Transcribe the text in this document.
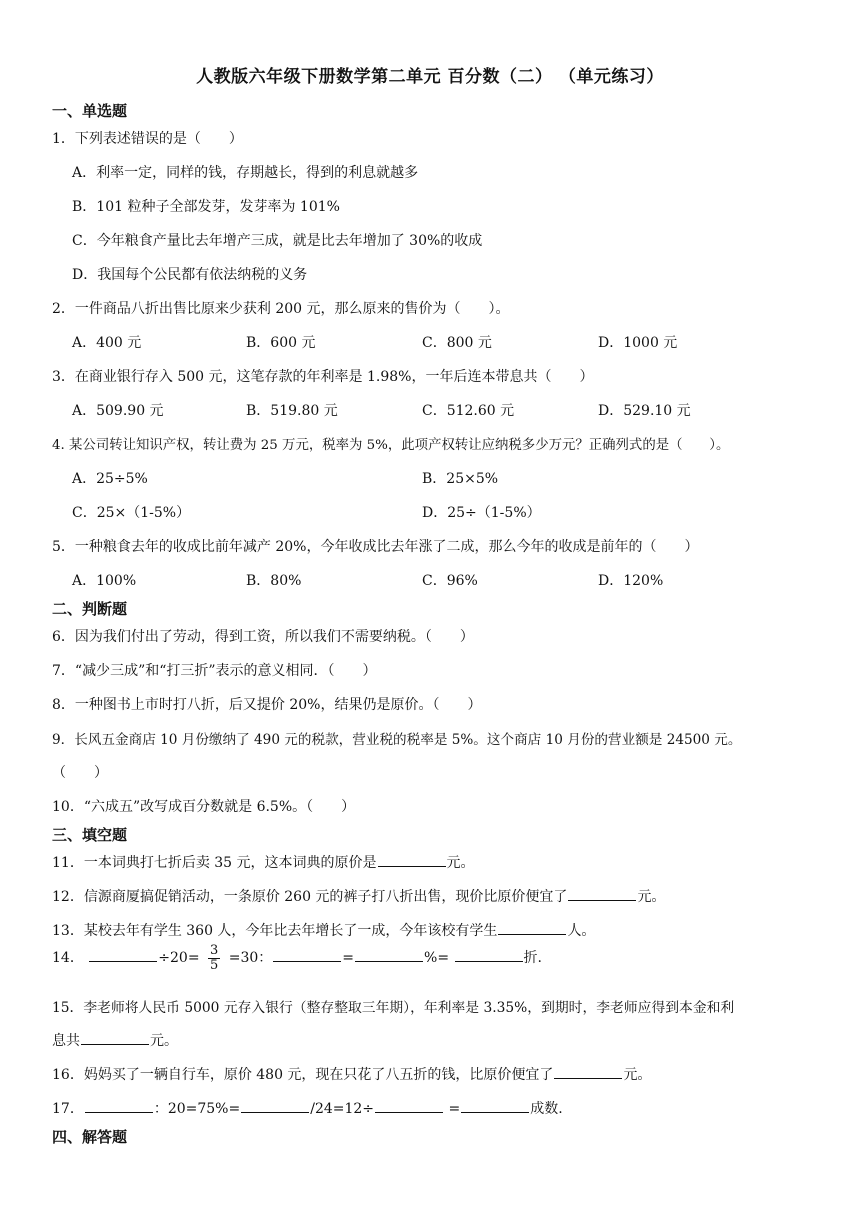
人教版六年级下册数学第二单元 百分数（二） （单元练习）
一、单选题
1．下列表述错误的是（　　）
A．利率一定，同样的钱，存期越长，得到的利息就越多
B．101 粒种子全部发芽，发芽率为 101%
C．今年粮食产量比去年增产三成，就是比去年增加了 30%的收成
D．我国每个公民都有依法纳税的义务
2．一件商品八折出售比原来少获利 200 元，那么原来的售价为（　　）。
A．400 元	B．600 元	C．800 元	D．1000 元
3．在商业银行存入 500 元，这笔存款的年利率是 1.98%，一年后连本带息共（　　）
A．509.90 元	B．519.80 元	C．512.60 元	D．529.10 元
4. 某公司转让知识产权，转让费为 25 万元，税率为 5%，此项产权转让应纳税多少万元？正确列式的是（　　）。
A．25÷5%	B．25×5%
C．25×（1-5%）	D．25÷（1-5%）
5．一种粮食去年的收成比前年减产 20%，今年收成比去年涨了二成，那么今年的收成是前年的（　　）
A．100%	B．80%	C．96%	D．120%
二、判断题
6．因为我们付出了劳动，得到工资，所以我们不需要纳税。（　　）
7．“减少三成”和“打三折”表示的意义相同．（　　）
8．一种图书上市时打八折，后又提价 20%，结果仍是原价。（　　）
9．长风五金商店 10 月份缴纳了 490 元的税款，营业税的税率是 5%。这个商店 10 月份的营业额是 24500 元。
（　　）
10．“六成五”改写成百分数就是 6.5%。（　　）
三、填空题
11．一本词典打七折后卖 35 元，这本词典的原价是	元。
12．信源商厦搞促销活动，一条原价 260 元的裤子打八折出售，现价比原价便宜了	元。
13．某校去年有学生 360 人，今年比去年增长了一成，今年该校有学生	人。
14．	$\div 20= \frac{3}{5} =30$：	=	%=	折.
15．李老师将人民币 5000 元存入银行（整存整取三年期），年利率是 3.35%，到期时，李老师应得到本金和利
息共	元。
16．妈妈买了一辆自行车，原价 480 元，现在只花了八五折的钱，比原价便宜了	元。
17．	：20=75%=	/24=12÷	=	成数.
四、解答题
